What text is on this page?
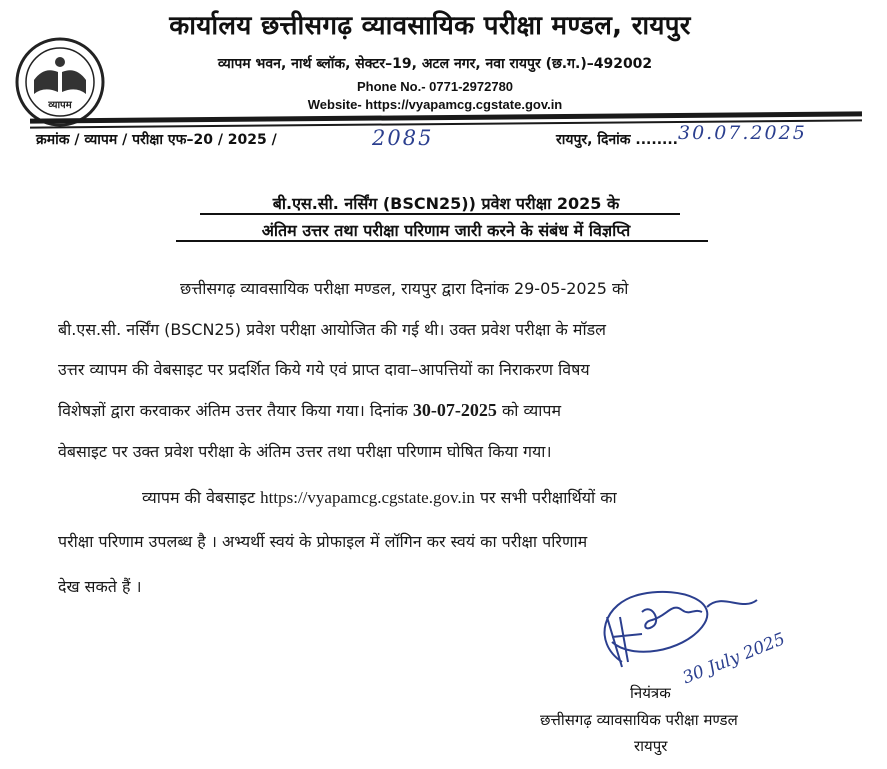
व्यापम
कार्यालय छत्तीसगढ़ व्यावसायिक परीक्षा मण्डल, रायपुर
व्यापम भवन, नार्थ ब्लॉक, सेक्टर–19, अटल नगर, नवा रायपुर (छ.ग.)–492002
Phone No.- 0771-2972780
Website- https://vyapamcg.cgstate.gov.in
क्रमांक / व्यापम / परीक्षा एफ–20 / 2025 /	2085	रायपुर, दिनांक ........ 30.07.2025
बी.एस.सी. नर्सिंग (BSCN25)) प्रवेश परीक्षा 2025 के
अंतिम उत्तर तथा परीक्षा परिणाम जारी करने के संबंध में विज्ञप्ति
छत्तीसगढ़ व्यावसायिक परीक्षा मण्डल, रायपुर द्वारा दिनांक 29-05-2025 को
बी.एस.सी. नर्सिंग (BSCN25) प्रवेश परीक्षा आयोजित की गई थी। उक्त प्रवेश परीक्षा के मॉडल
उत्तर व्यापम की वेबसाइट पर प्रदर्शित किये गये एवं प्राप्त दावा–आपत्तियों का निराकरण विषय
विशेषज्ञों द्वारा करवाकर अंतिम उत्तर तैयार किया गया। दिनांक 30-07-2025 को व्यापम
वेबसाइट पर उक्त प्रवेश परीक्षा के अंतिम उत्तर तथा परीक्षा परिणाम घोषित किया गया।
व्यापम की वेबसाइट https://vyapamcg.cgstate.gov.in पर सभी परीक्षार्थियों का
परीक्षा परिणाम उपलब्ध है । अभ्यर्थी स्वयं के प्रोफाइल में लॉगिन कर स्वयं का परीक्षा परिणाम
देख सकते हैं ।
30 July 2025
नियंत्रक
छत्तीसगढ़ व्यावसायिक परीक्षा मण्डल
रायपुर
